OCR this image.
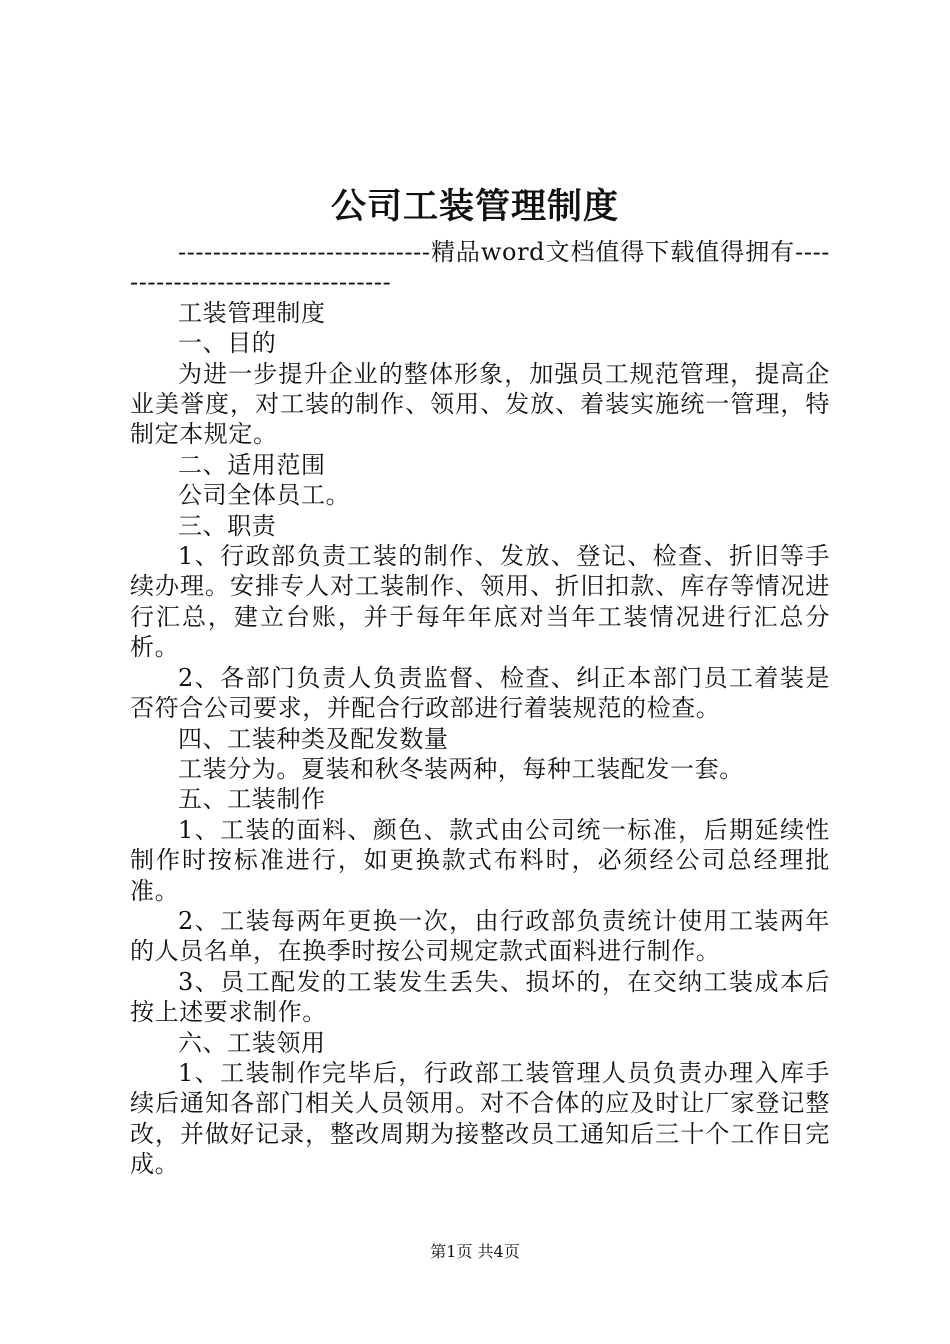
公司工装管理制度

-----------------------------精品word文档值得下载值得拥有----------------------------------

工装管理制度

一、目的

为进一步提升企业的整体形象，加强员工规范管理，提高企业美誉度，对工装的制作、领用、发放、着装实施统一管理，特制定本规定。

二、适用范围

公司全体员工。

三、职责

1、行政部负责工装的制作、发放、登记、检查、折旧等手续办理。安排专人对工装制作、领用、折旧扣款、库存等情况进行汇总，建立台账，并于每年年底对当年工装情况进行汇总分析。

2、各部门负责人负责监督、检查、纠正本部门员工着装是否符合公司要求，并配合行政部进行着装规范的检查。

四、工装种类及配发数量

工装分为。夏装和秋冬装两种，每种工装配发一套。

五、工装制作

1、工装的面料、颜色、款式由公司统一标准，后期延续性制作时按标准进行，如更换款式布料时，必须经公司总经理批准。

2、工装每两年更换一次，由行政部负责统计使用工装两年的人员名单，在换季时按公司规定款式面料进行制作。

3、员工配发的工装发生丢失、损坏的，在交纳工装成本后按上述要求制作。

六、工装领用

1、工装制作完毕后，行政部工装管理人员负责办理入库手续后通知各部门相关人员领用。对不合体的应及时让厂家登记整改，并做好记录，整改周期为接整改员工通知后三十个工作日完成。

第1页 共4页
